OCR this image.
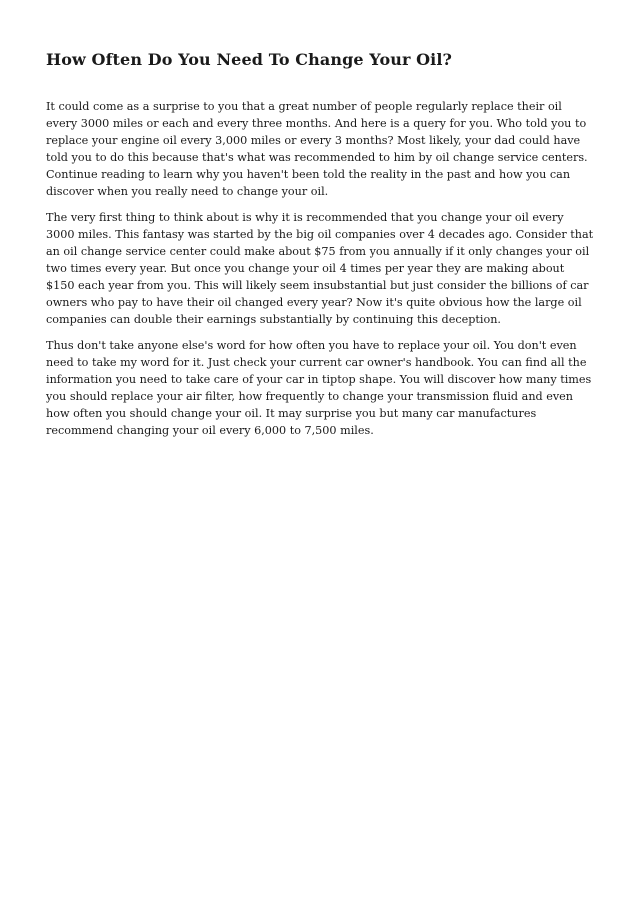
How Often Do You Need To Change Your Oil?

It could come as a surprise to you that a great number of people regularly replace their oil every 3000 miles or each and every three months. And here is a query for you. Who told you to replace your engine oil every 3,000 miles or every 3 months? Most likely, your dad could have told you to do this because that's what was recommended to him by oil change service centers. Continue reading to learn why you haven't been told the reality in the past and how you can discover when you really need to change your oil.

The very first thing to think about is why it is recommended that you change your oil every 3000 miles. This fantasy was started by the big oil companies over 4 decades ago. Consider that an oil change service center could make about $75 from you annually if it only changes your oil two times every year. But once you change your oil 4 times per year they are making about $150 each year from you. This will likely seem insubstantial but just consider the billions of car owners who pay to have their oil changed every year? Now it's quite obvious how the large oil companies can double their earnings substantially by continuing this deception.

Thus don't take anyone else's word for how often you have to replace your oil. You don't even need to take my word for it. Just check your current car owner's handbook. You can find all the information you need to take care of your car in tiptop shape. You will discover how many times you should replace your air filter, how frequently to change your transmission fluid and even how often you should change your oil. It may surprise you but many car manufactures recommend changing your oil every 6,000 to 7,500 miles.
